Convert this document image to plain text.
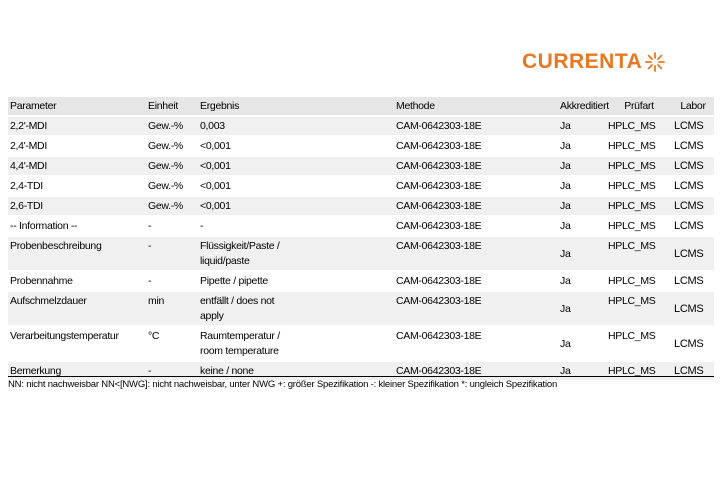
CURRENTA
Parameter	Einheit	Ergebnis		Methode	Akkreditiert	Prüfart	Labor
2,2'-MDI	Gew.-%	0,003		CAM-0642303-18E	Ja	HPLC_MS	LCMS
2,4'-MDI	Gew.-%	<0,001		CAM-0642303-18E	Ja	HPLC_MS	LCMS
4,4'-MDI	Gew.-%	<0,001		CAM-0642303-18E	Ja	HPLC_MS	LCMS
2,4-TDI	Gew.-%	<0,001		CAM-0642303-18E	Ja	HPLC_MS	LCMS
2,6-TDI	Gew.-%	<0,001		CAM-0642303-18E	Ja	HPLC_MS	LCMS
-- Information --	-	-		CAM-0642303-18E	Ja	HPLC_MS	LCMS
Probenbeschreibung	-	Flüssigkeit/Paste / liquid/paste		CAM-0642303-18E	Ja	HPLC_MS	LCMS
Probennahme	-	Pipette / pipette		CAM-0642303-18E	Ja	HPLC_MS	LCMS
Aufschmelzdauer	min	entfällt / does not apply		CAM-0642303-18E	Ja	HPLC_MS	LCMS
Verarbeitungstemperatur	°C	Raumtemperatur / room temperature		CAM-0642303-18E	Ja	HPLC_MS	LCMS
Bemerkung	-	keine / none		CAM-0642303-18E	Ja	HPLC_MS	LCMS
NN: nicht nachweisbar NN<[NWG]: nicht nachweisbar, unter NWG +: größer Spezifikation -: kleiner Spezifikation *: ungleich Spezifikation
